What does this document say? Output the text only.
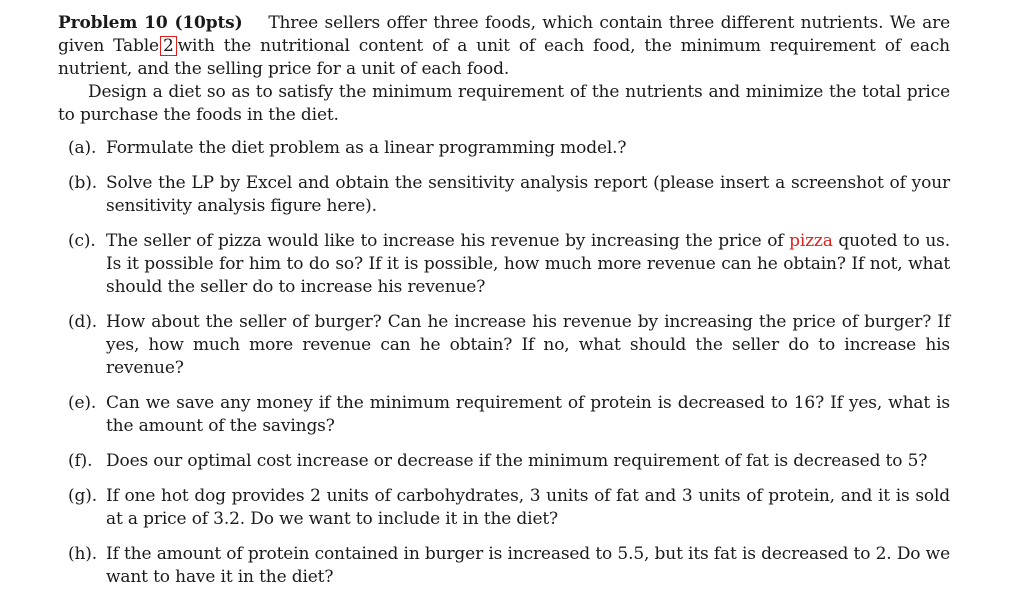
Problem 10 (10pts) Three sellers offer three foods, which contain three different nutrients. We are given Table 2 with the nutritional content of a unit of each food, the minimum requirement of each nutrient, and the selling price for a unit of each food.

Design a diet so as to satisfy the minimum requirement of the nutrients and minimize the total price to purchase the foods in the diet.

(a). Formulate the diet problem as a linear programming model.?
(b). Solve the LP by Excel and obtain the sensitivity analysis report (please insert a screenshot of your sensitivity analysis figure here).
(c). The seller of pizza would like to increase his revenue by increasing the price of pizza quoted to us. Is it possible for him to do so? If it is possible, how much more revenue can he obtain? If not, what should the seller do to increase his revenue?
(d). How about the seller of burger? Can he increase his revenue by increasing the price of burger? If yes, how much more revenue can he obtain? If no, what should the seller do to increase his revenue?
(e). Can we save any money if the minimum requirement of protein is decreased to 16? If yes, what is the amount of the savings?
(f). Does our optimal cost increase or decrease if the minimum requirement of fat is decreased to 5?
(g). If one hot dog provides 2 units of carbohydrates, 3 units of fat and 3 units of protein, and it is sold at a price of 3.2. Do we want to include it in the diet?
(h). If the amount of protein contained in burger is increased to 5.5, but its fat is decreased to 2. Do we want to have it in the diet?
